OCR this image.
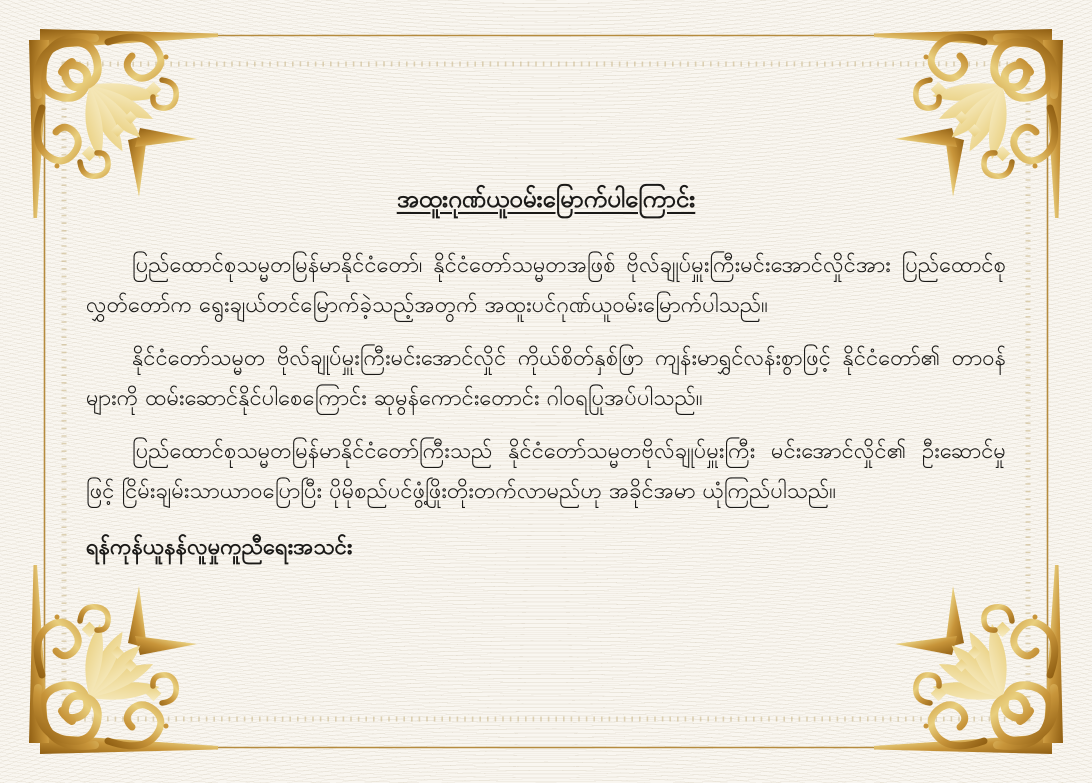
အထူးဂုဏ်ယူဝမ်းမြောက်ပါကြောင်း

ပြည်ထောင်စုသမ္မတမြန်မာနိုင်ငံတော်၊ နိုင်ငံတော်သမ္မတအဖြစ် ဗိုလ်ချုပ်မှူးကြီးမင်းအောင်လှိုင်အား ပြည်ထောင်စုလွှတ်တော်က ရွေးချယ်တင်မြောက်ခဲ့သည့်အတွက် အထူးပင်ဂုဏ်ယူဝမ်းမြောက်ပါသည်။

နိုင်ငံတော်သမ္မတ ဗိုလ်ချုပ်မှူးကြီးမင်းအောင်လှိုင် ကိုယ်စိတ်နှစ်ဖြာ ကျန်းမာရွှင်လန်းစွာဖြင့် နိုင်ငံတော်၏ တာဝန်များကို ထမ်းဆောင်နိုင်ပါစေကြောင်း ဆုမွန်ကောင်းတောင်း ဂါဝရပြုအပ်ပါသည်။

ပြည်ထောင်စုသမ္မတမြန်မာနိုင်ငံတော်ကြီးသည် နိုင်ငံတော်သမ္မတဗိုလ်ချုပ်မှူးကြီး မင်းအောင်လှိုင်၏ ဦးဆောင်မှုဖြင့် ငြိမ်းချမ်းသာယာဝပြောပြီး ပိုမိုစည်ပင်ဖွံ့ဖြိုးတိုးတက်လာမည်ဟု အခိုင်အမာ ယုံကြည်ပါသည်။

ရန်ကုန်ယူနန်လူမှုကူညီရေးအသင်း
